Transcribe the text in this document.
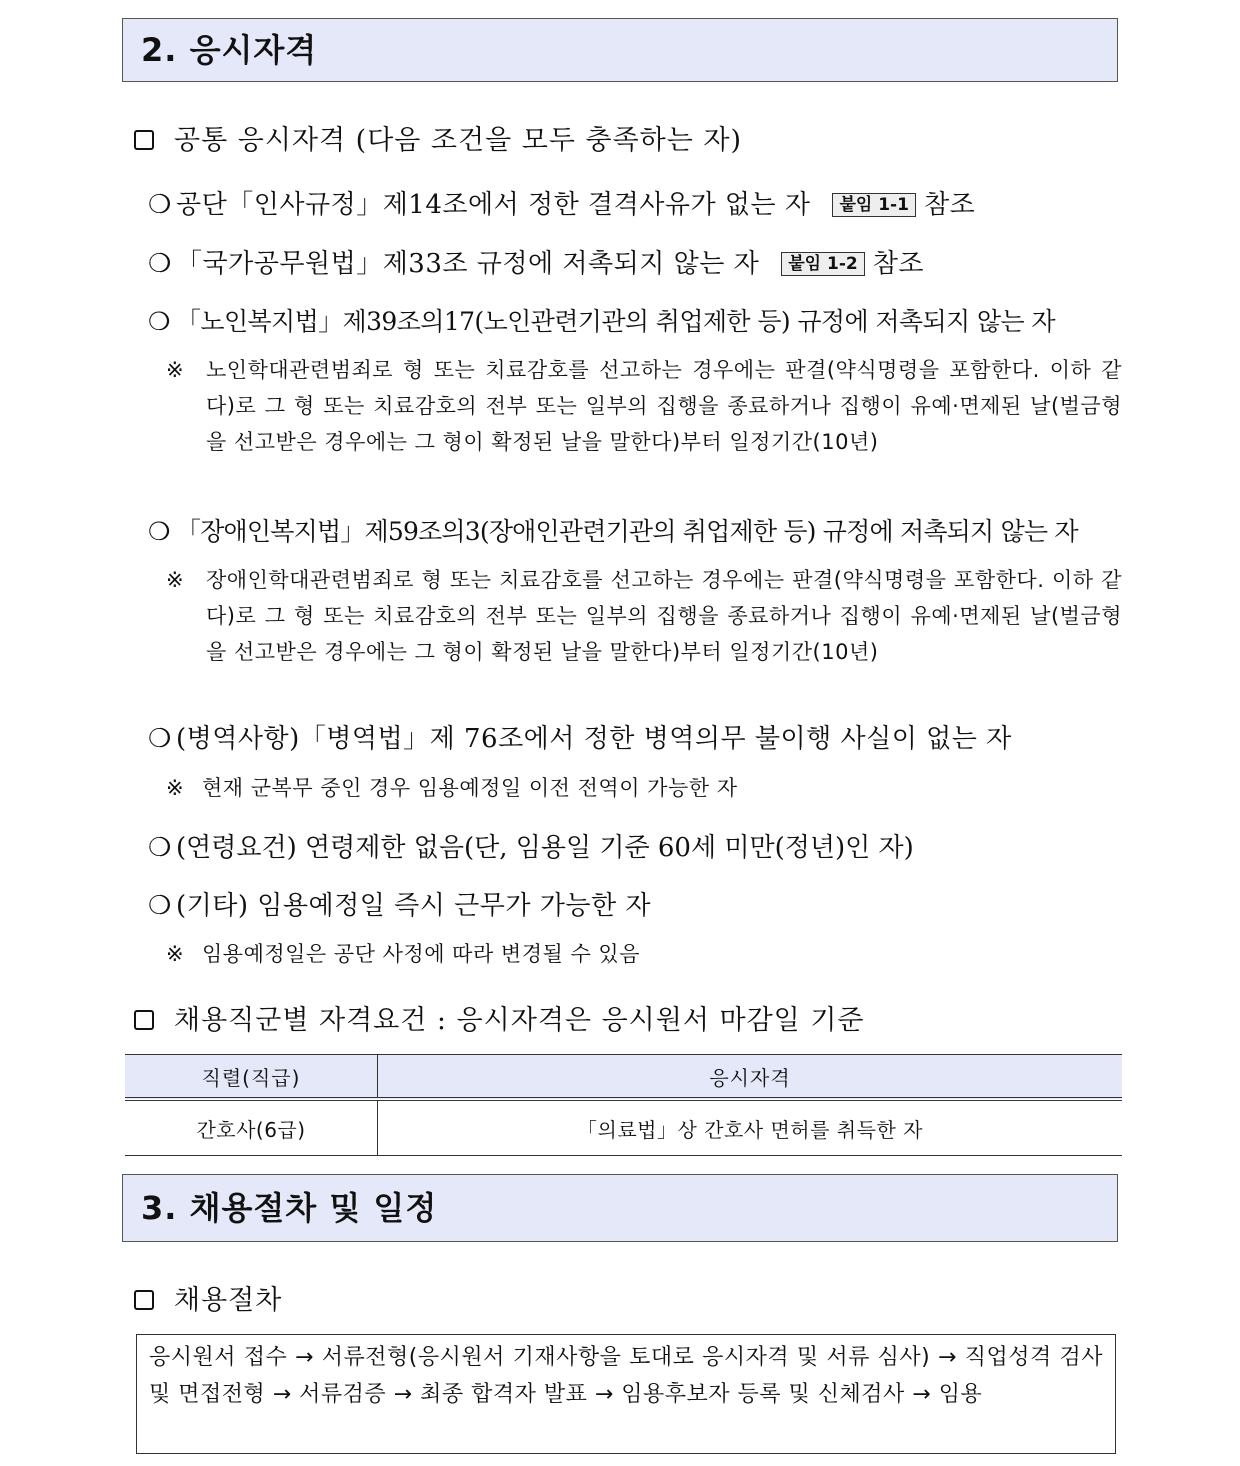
2. 응시자격
공통 응시자격 (다음 조건을 모두 충족하는 자)
❍ 공단「인사규정」제14조에서 정한 결격사유가 없는 자 붙임 1-1 참조
❍ 「국가공무원법」제33조 규정에 저촉되지 않는 자 붙임 1-2 참조
❍ 「노인복지법」제39조의17(노인관련기관의 취업제한 등) 규정에 저촉되지 않는 자
※ 노인학대관련범죄로 형 또는 치료감호를 선고하는 경우에는 판결(약식명령을 포함한다. 이하 같다)로 그 형 또는 치료감호의 전부 또는 일부의 집행을 종료하거나 집행이 유예·면제된 날(벌금형을 선고받은 경우에는 그 형이 확정된 날을 말한다)부터 일정기간(10년)
❍ 「장애인복지법」제59조의3(장애인관련기관의 취업제한 등) 규정에 저촉되지 않는 자
※ 장애인학대관련범죄로 형 또는 치료감호를 선고하는 경우에는 판결(약식명령을 포함한다. 이하 같다)로 그 형 또는 치료감호의 전부 또는 일부의 집행을 종료하거나 집행이 유예·면제된 날(벌금형을 선고받은 경우에는 그 형이 확정된 날을 말한다)부터 일정기간(10년)
❍ (병역사항)「병역법」제 76조에서 정한 병역의무 불이행 사실이 없는 자
※ 현재 군복무 중인 경우 임용예정일 이전 전역이 가능한 자
❍ (연령요건) 연령제한 없음(단, 임용일 기준 60세 미만(정년)인 자)
❍ (기타) 임용예정일 즉시 근무가 가능한 자
※ 임용예정일은 공단 사정에 따라 변경될 수 있음
채용직군별 자격요건 : 응시자격은 응시원서 마감일 기준
직렬(직급)	응시자격
간호사(6급)	「의료법」상 간호사 면허를 취득한 자
3. 채용절차 및 일정
채용절차
응시원서 접수 → 서류전형(응시원서 기재사항을 토대로 응시자격 및 서류 심사) → 직업성격 검사 및 면접전형 → 서류검증 → 최종 합격자 발표 → 임용후보자 등록 및 신체검사 → 임용
